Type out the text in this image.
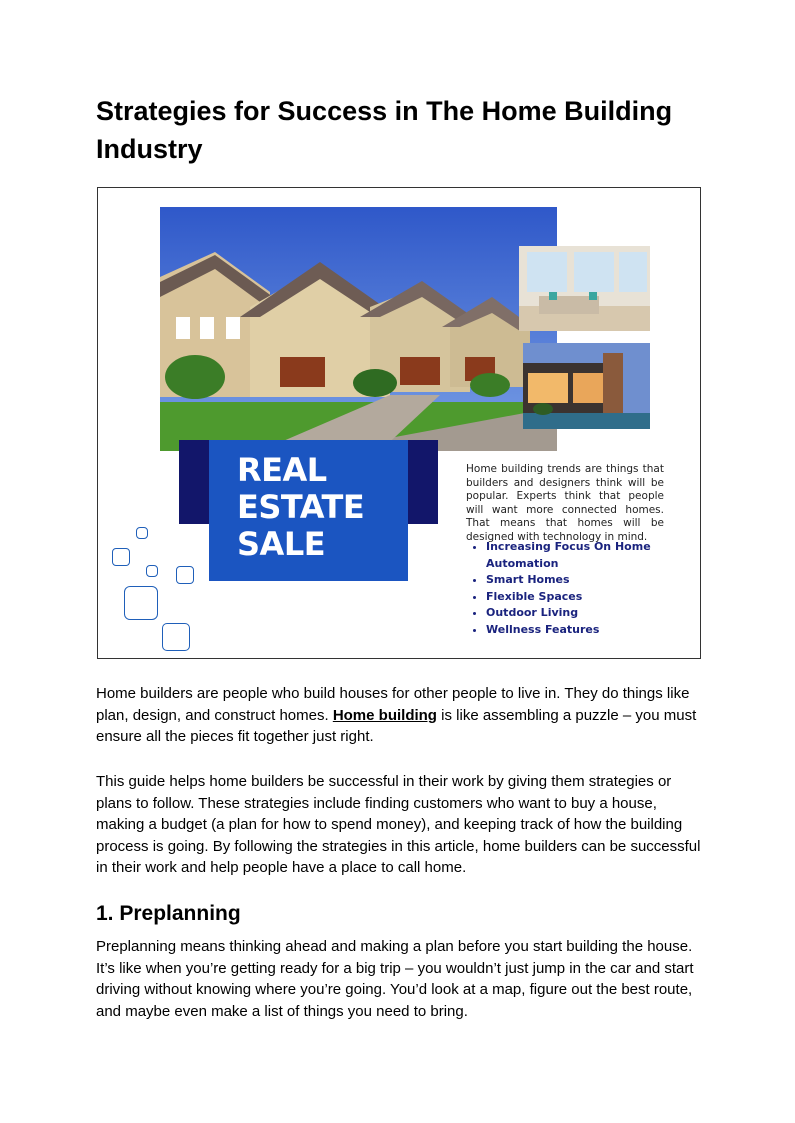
Strategies for Success in The Home Building Industry
REAL
ESTATE
SALE
Home building trends are things that builders and designers think will be popular. Experts think that people will want more connected homes. That means that homes will be designed with technology in mind.
• Increasing Focus On Home Automation
• Smart Homes
• Flexible Spaces
• Outdoor Living
• Wellness Features

Home builders are people who build houses for other people to live in. They do things like plan, design, and construct homes. Home building is like assembling a puzzle – you must ensure all the pieces fit together just right.

This guide helps home builders be successful in their work by giving them strategies or plans to follow. These strategies include finding customers who want to buy a house, making a budget (a plan for how to spend money), and keeping track of how the building process is going. By following the strategies in this article, home builders can be successful in their work and help people have a place to call home.

1. Preplanning

Preplanning means thinking ahead and making a plan before you start building the house. It’s like when you’re getting ready for a big trip – you wouldn’t just jump in the car and start driving without knowing where you’re going. You’d look at a map, figure out the best route, and maybe even make a list of things you need to bring.
